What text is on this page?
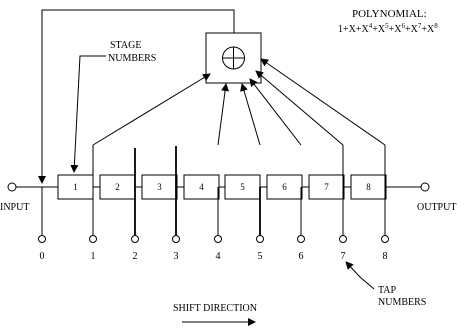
POLYNOMIAL:
$1+X+X^4+X^5+X^6+X^7+X^8$
STAGE
NUMBERS
INPUT
1	2	3	4	5	6	7	8
OUTPUT
0	1	2	3	4	5	6	7	8
TAP
NUMBERS
SHIFT DIRECTION
